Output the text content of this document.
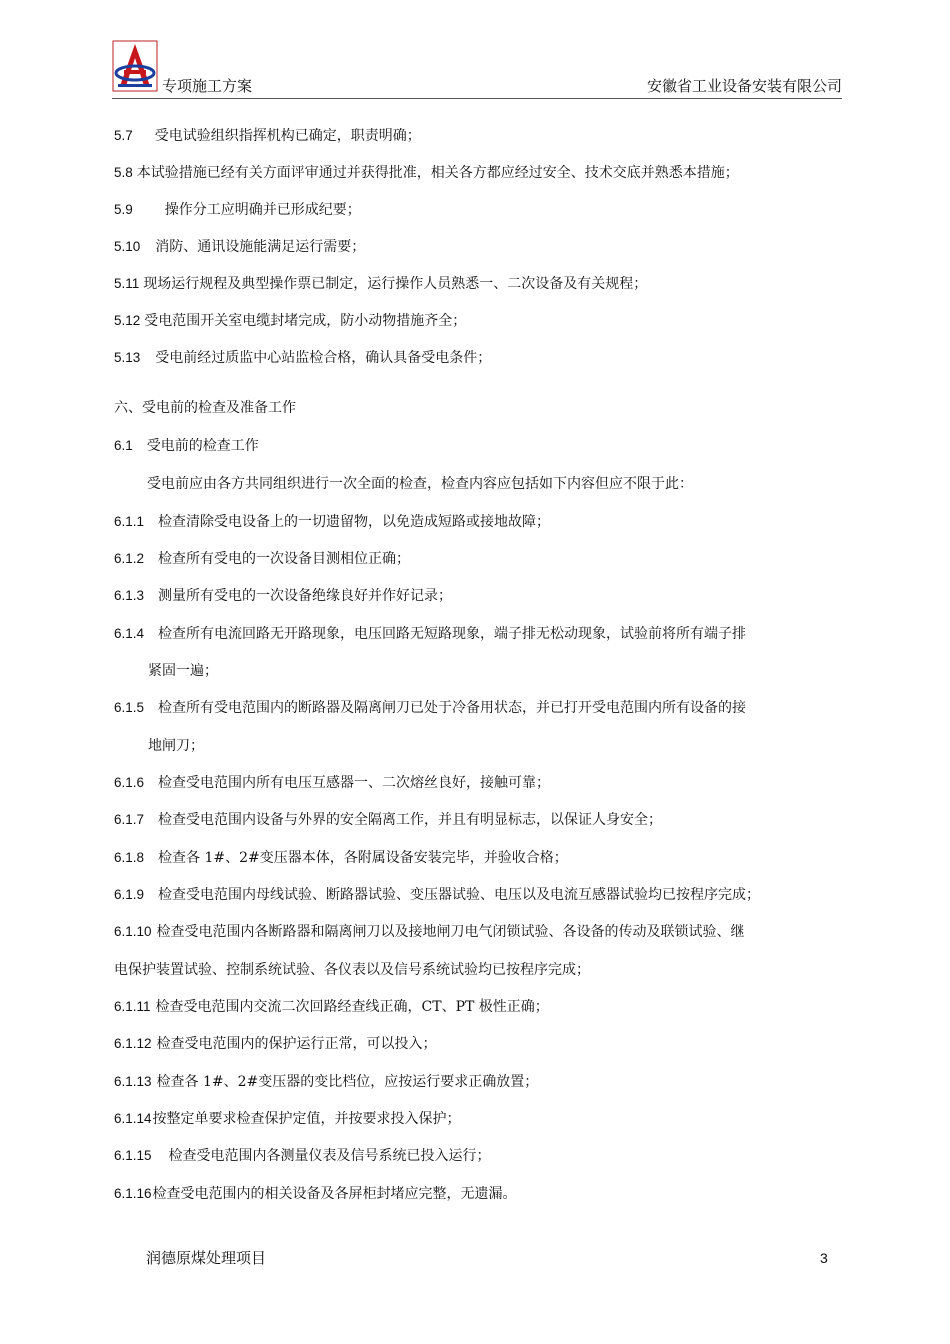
专项施工方案	安徽省工业设备安装有限公司
5.7 受电试验组织指挥机构已确定，职责明确；
5.8 本试验措施已经有关方面评审通过并获得批准，相关各方都应经过安全、技术交底并熟悉本措施；
5.9 操作分工应明确并已形成纪要；
5.10 消防、通讯设施能满足运行需要；
5.11 现场运行规程及典型操作票已制定，运行操作人员熟悉一、二次设备及有关规程；
5.12 受电范围开关室电缆封堵完成，防小动物措施齐全；
5.13 受电前经过质监中心站监检合格，确认具备受电条件；
六、受电前的检查及准备工作
6.1 受电前的检查工作
受电前应由各方共同组织进行一次全面的检查，检查内容应包括如下内容但应不限于此：
6.1.1 检查清除受电设备上的一切遗留物，以免造成短路或接地故障；
6.1.2 检查所有受电的一次设备目测相位正确；
6.1.3 测量所有受电的一次设备绝缘良好并作好记录；
6.1.4 检查所有电流回路无开路现象，电压回路无短路现象，端子排无松动现象，试验前将所有端子排
紧固一遍；
6.1.5 检查所有受电范围内的断路器及隔离闸刀已处于冷备用状态，并已打开受电范围内所有设备的接
地闸刀；
6.1.6 检查受电范围内所有电压互感器一、二次熔丝良好，接触可靠；
6.1.7 检查受电范围内设备与外界的安全隔离工作，并且有明显标志，以保证人身安全；
6.1.8 检查各 1#、2#变压器本体，各附属设备安装完毕，并验收合格；
6.1.9 检查受电范围内母线试验、断路器试验、变压器试验、电压以及电流互感器试验均已按程序完成；
6.1.10 检查受电范围内各断路器和隔离闸刀以及接地闸刀电气闭锁试验、各设备的传动及联锁试验、继
电保护装置试验、控制系统试验、各仪表以及信号系统试验均已按程序完成；
6.1.11 检查受电范围内交流二次回路经查线正确，CT、PT 极性正确；
6.1.12 检查受电范围内的保护运行正常，可以投入；
6.1.13 检查各 1#、2#变压器的变比档位，应按运行要求正确放置；
6.1.14按整定单要求检查保护定值，并按要求投入保护；
6.1.15 检查受电范围内各测量仪表及信号系统已投入运行；
6.1.16检查受电范围内的相关设备及各屏柜封堵应完整，无遗漏。
润德原煤处理项目	3
